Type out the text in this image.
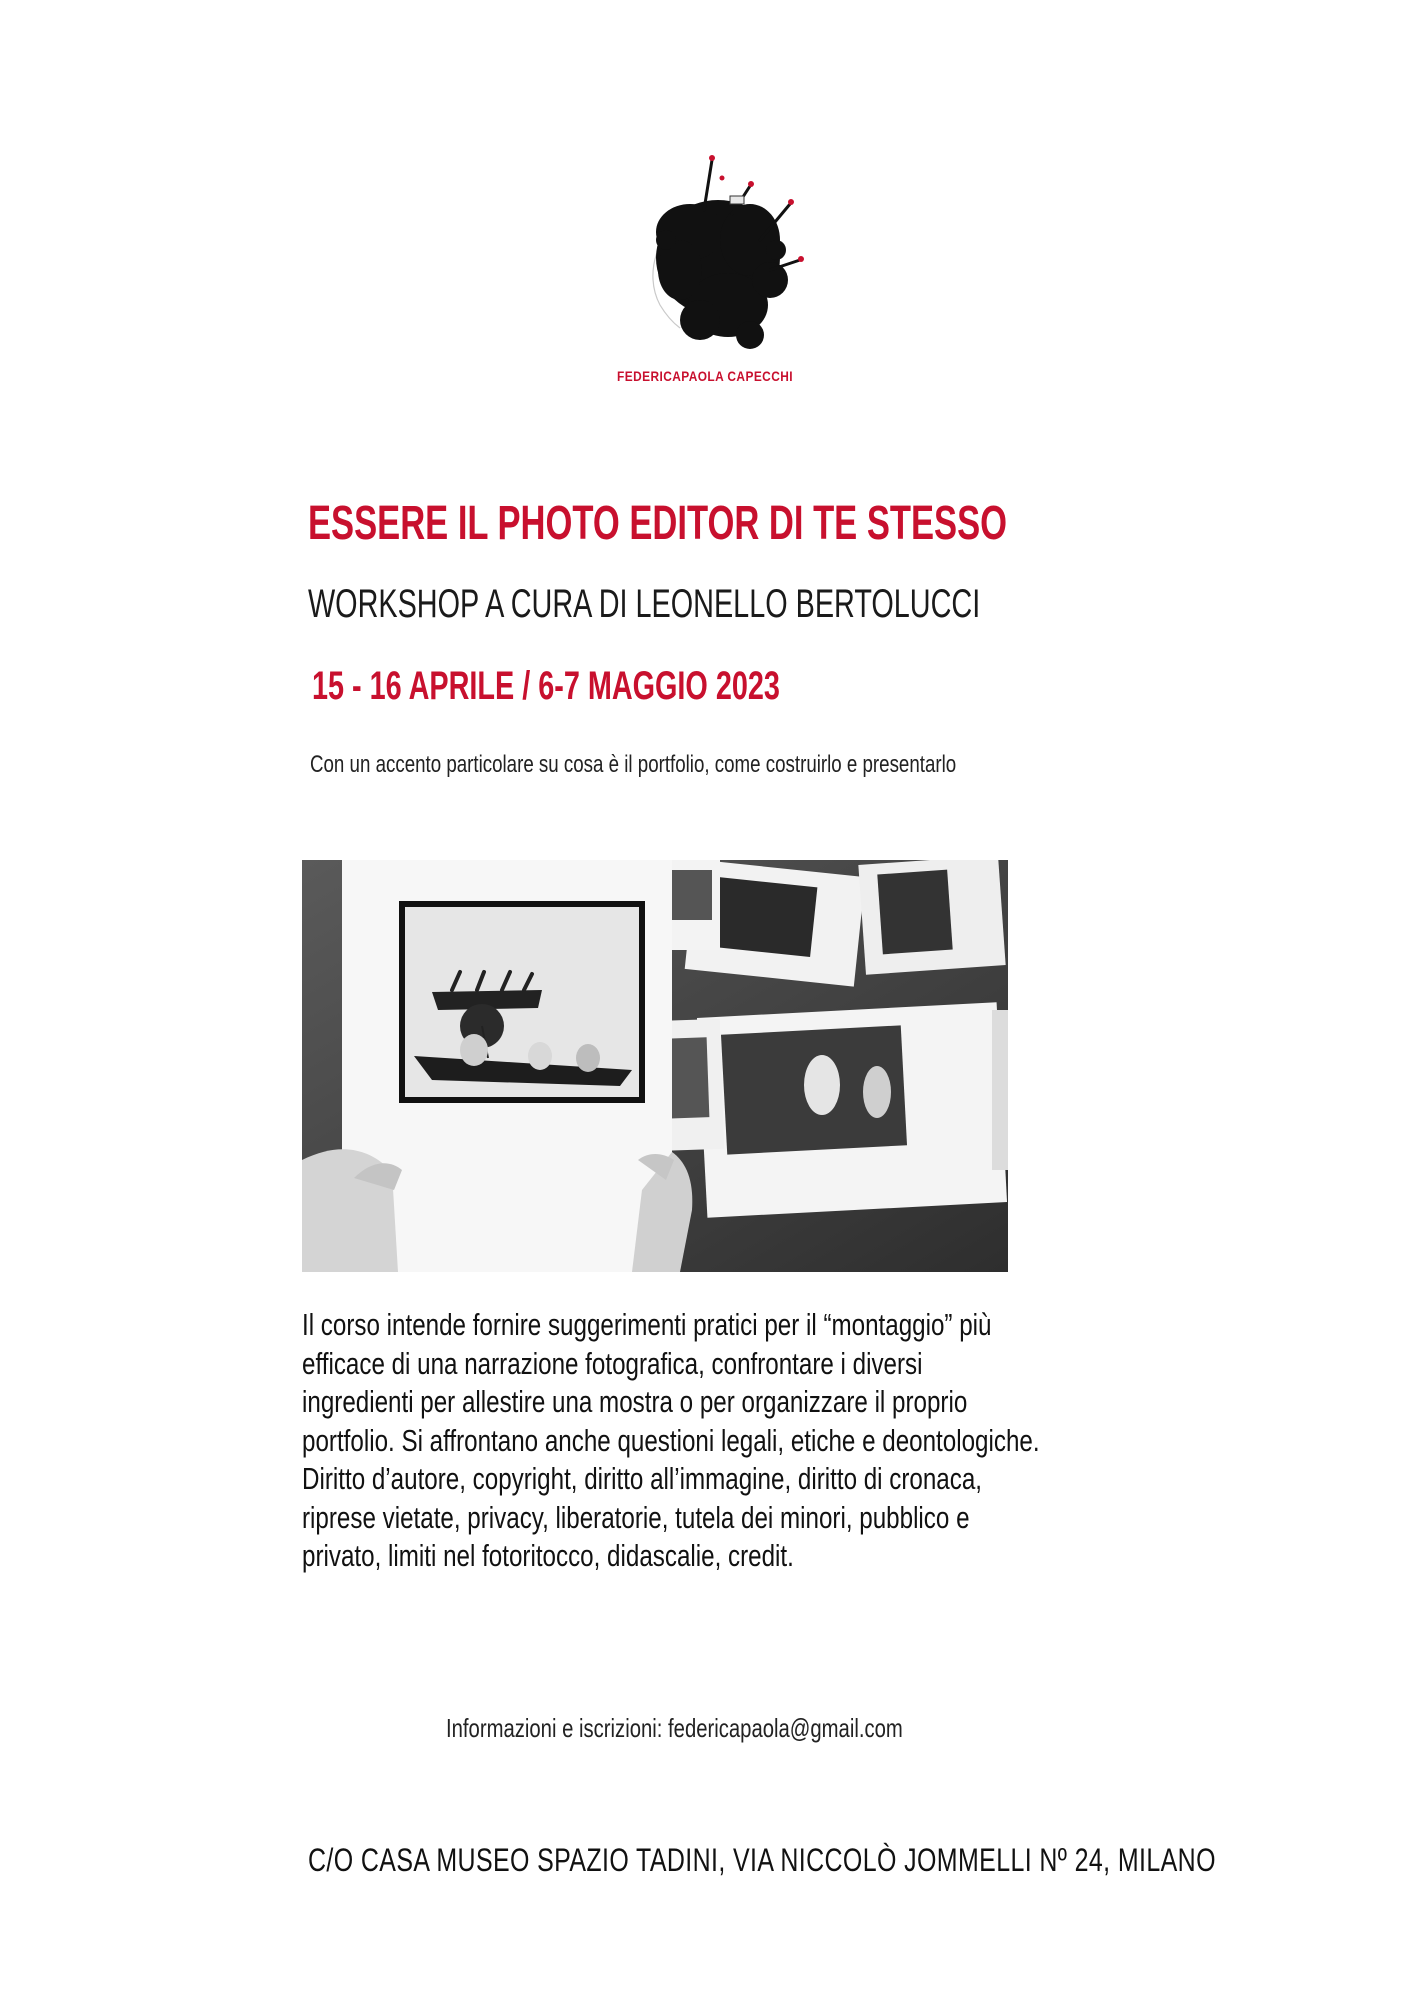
FEDERICAPAOLA CAPECCHI
ESSERE IL PHOTO EDITOR DI TE STESSO
WORKSHOP A CURA DI LEONELLO BERTOLUCCI
15 - 16 APRILE / 6-7 MAGGIO 2023
Con un accento particolare su cosa è il portfolio, come costruirlo e presentarlo
Il corso intende fornire suggerimenti pratici per il “montaggio” più
efficace di una narrazione fotografica, confrontare i diversi
ingredienti per allestire una mostra o per organizzare il proprio
portfolio. Si affrontano anche questioni legali, etiche e deontologiche.
Diritto d’autore, copyright, diritto all’immagine, diritto di cronaca,
riprese vietate, privacy, liberatorie, tutela dei minori, pubblico e
privato, limiti nel fotoritocco, didascalie, credit.
Informazioni e iscrizioni: federicapaola@gmail.com
C/O CASA MUSEO SPAZIO TADINI, VIA NICCOLÒ JOMMELLI Nº 24, MILANO
